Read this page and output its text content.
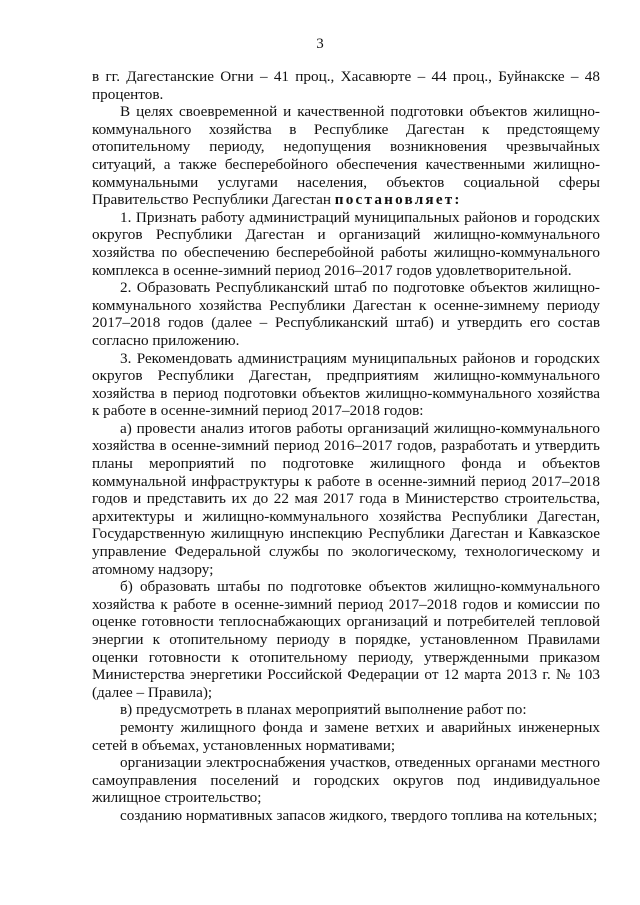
3

в гг. Дагестанские Огни – 41 проц., Хасавюрте – 44 проц., Буйнакске – 48 процентов.

В целях своевременной и качественной подготовки объектов жилищно-коммунального хозяйства в Республике Дагестан к предстоящему отопительному периоду, недопущения возникновения чрезвычайных ситуаций, а также бесперебойного обеспечения качественными жилищно-коммунальными услугами населения, объектов социальной сферы Правительство Республики Дагестан постановляет:

1. Признать работу администраций муниципальных районов и городских округов Республики Дагестан и организаций жилищно-коммунального хозяйства по обеспечению бесперебойной работы жилищно-коммунального комплекса в осенне-зимний период 2016–2017 годов удовлетворительной.

2. Образовать Республиканский штаб по подготовке объектов жилищно-коммунального хозяйства Республики Дагестан к осенне-зимнему периоду 2017–2018 годов (далее – Республиканский штаб) и утвердить его состав согласно приложению.

3. Рекомендовать администрациям муниципальных районов и городских округов Республики Дагестан, предприятиям жилищно-коммунального хозяйства в период подготовки объектов жилищно-коммунального хозяйства к работе в осенне-зимний период 2017–2018 годов:

а) провести анализ итогов работы организаций жилищно-коммунального хозяйства в осенне-зимний период 2016–2017 годов, разработать и утвердить планы мероприятий по подготовке жилищного фонда и объектов коммунальной инфраструктуры к работе в осенне-зимний период 2017–2018 годов и представить их до 22 мая 2017 года в Министерство строительства, архитектуры и жилищно-коммунального хозяйства Республики Дагестан, Государственную жилищную инспекцию Республики Дагестан и Кавказское управление Федеральной службы по экологическому, технологическому и атомному надзору;

б) образовать штабы по подготовке объектов жилищно-коммунального хозяйства к работе в осенне-зимний период 2017–2018 годов и комиссии по оценке готовности теплоснабжающих организаций и потребителей тепловой энергии к отопительному периоду в порядке, установленном Правилами оценки готовности к отопительному периоду, утвержденными приказом Министерства энергетики Российской Федерации от 12 марта 2013 г. № 103 (далее – Правила);

в) предусмотреть в планах мероприятий выполнение работ по:

ремонту жилищного фонда и замене ветхих и аварийных инженерных сетей в объемах, установленных нормативами;

организации электроснабжения участков, отведенных органами местного самоуправления поселений и городских округов под индивидуальное жилищное строительство;

созданию нормативных запасов жидкого, твердого топлива на котельных;
